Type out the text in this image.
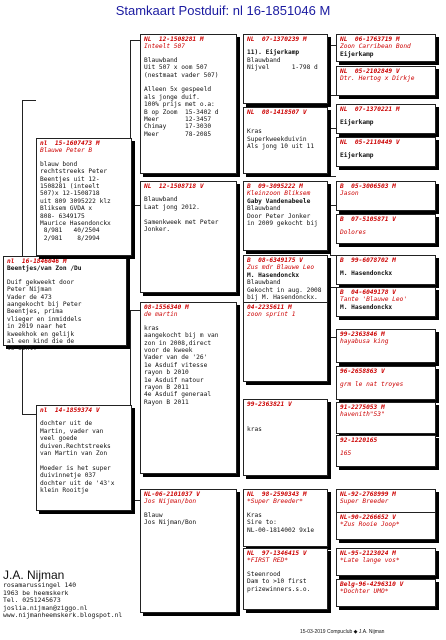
Stamkaart Postduif: nl 16-1851046 M
nl  16-1846046 M
Beentjes/van Zon /Du
Duif gekweekt door
Peter Nijman
Vader de 473
aangekocht bij Peter
Beentjes, prima
vlieger en inmiddels
in 2019 naar het
kweekhok en gelijk
al een kind die de
le wint.
nl  15-1607473 M
Blauwe Peter B
blauw bond
rechtstreeks Peter
Beentjes uit 12-
1508281 (inteelt
507)x 12-1508718
uit 809 3095222 klz
Bliksem GVDA x
808- 6349175
Maurice Hasendonckx
8/981   40/2504
2/981    8/2994
nl  14-1859374 V
dochter uit de
Martin, vader van
veel goede
duiven.Rechtstreeks
van Martin van Zon

Moeder is het super
duivinnetje 037
dochter uit de '43'x
klein Rooitje
NL  12-1508281 M
Inteelt 507
Blauwband
Uit 507 x oom 507
(nestmaat vader 507)

Alleen 5x gespeeld
als jonge duif.
100% prijs met o.a:
B op Zoom  15-3402 d
Meer       12-3457
Chimay     17-3030
Meer       78-2085
NL  12-1508718 V
Blauwband
Laat jong 2012.

Samenkweek met Peter
Jonker.
08-1556340 M
de martin
kras
aangekocht bij m van
zon in 2008,direct
voor de kweek
Vader van de '26'
1e Asduif vitesse
rayon b 2010
1e Asduif natour
rayon B 2011
4e Asduif generaal
Rayon B 2011
NL-06-2101037 V
Jos Nijman/bon
Blauw
Jos Nijman/Bon
NL  07-1370239 M
11). Eijerkamp
Blauwband
Nijvel      1-798 d
NL  08-1418507 V
Kras
Superkweekduivin
Als jong 10 uit 11
B  09-3095222 M
Kleinzoon Bliksem
Gaby Vandenabeele
Blauwband
Door Peter Jonker
in 2009 gekocht bij
B  08-6349175 V
Zus mdr Blauwe Leo
M. Hasendonckx
Blauwband
Gekocht in aug. 2008
bij M. Hasendonckx.
04-2235611 M
zoon sprint 1
99-2363821 V
kras
NL  98-2590343 M
*Super Breeder*
Kras
Sire to:
NL-00-1814002 9x1e
NL  97-1346415 V
*FIRST RED*
Steenrood
Dam to >10 first
prizewinners.s.o.
NL  06-1763719 M
Zoon Carribean Bond
Eijerkamp
NL  05-2102849 V
Dtr. Hertog x Dirkje
NL  07-1370221 M
Eijerkamp
NL  05-2110449 V
Eijerkamp
B  05-3006503 M
Jason
B  07-5105871 V
Dolores
B  99-6078702 M
M. Hasendonckx
B  04-6049178 V
Tante 'Blauwe Leo'
M. Hasendonckx
99-2363846 M
hayabusa king
96-2658863 V
grm le nat troyes
91-2275053 M
havenith"53"
92-1220165
165
NL-92-2768999 M
Super Breeder
NL-90-2266652 V
*Zus Rooie Joop*
NL-95-2123024 M
*Late lange vos*
Belg-96-4296310 V
*Dochter UMO*
J.A. Nijman
rosamarussingel 140
1963 be heemskerk
Tel. 0251245673
joslia.nijman@ziggo.nl
www.nijmanheemskerk.blogspot.nl
15-03-2019 Compuclub ◆ J.A. Nijman
